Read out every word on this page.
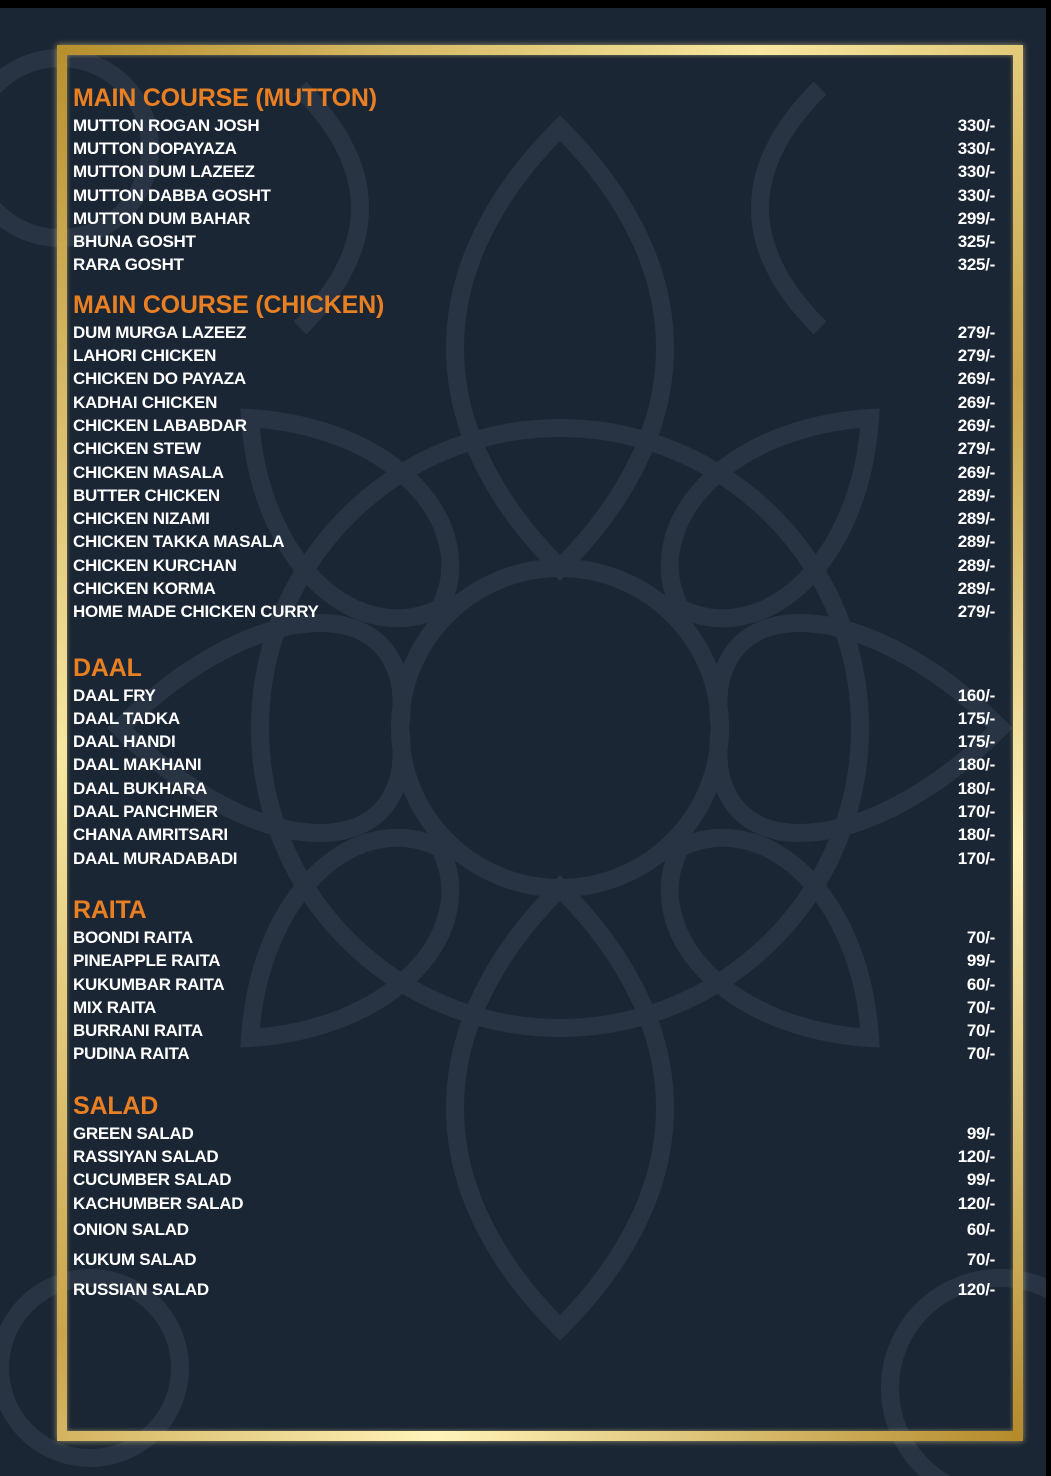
MAIN COURSE (MUTTON)
MUTTON ROGAN JOSH	330/-
MUTTON DOPAYAZA	330/-
MUTTON DUM LAZEEZ	330/-
MUTTON DABBA GOSHT	330/-
MUTTON DUM BAHAR	299/-
BHUNA GOSHT	325/-
RARA GOSHT	325/-
MAIN COURSE (CHICKEN)
DUM MURGA LAZEEZ	279/-
LAHORI CHICKEN	279/-
CHICKEN DO PAYAZA	269/-
KADHAI CHICKEN	269/-
CHICKEN LABABDAR	269/-
CHICKEN STEW	279/-
CHICKEN MASALA	269/-
BUTTER CHICKEN	289/-
CHICKEN NIZAMI	289/-
CHICKEN TAKKA MASALA	289/-
CHICKEN KURCHAN	289/-
CHICKEN KORMA	289/-
HOME MADE CHICKEN CURRY	279/-
DAAL
DAAL FRY	160/-
DAAL TADKA	175/-
DAAL HANDI	175/-
DAAL MAKHANI	180/-
DAAL BUKHARA	180/-
DAAL PANCHMER	170/-
CHANA AMRITSARI	180/-
DAAL MURADABADI	170/-
RAITA
BOONDI RAITA	70/-
PINEAPPLE RAITA	99/-
KUKUMBAR RAITA	60/-
MIX RAITA	70/-
BURRANI RAITA	70/-
PUDINA RAITA	70/-
SALAD
GREEN SALAD	99/-
RASSIYAN SALAD	120/-
CUCUMBER SALAD	99/-
KACHUMBER SALAD	120/-
ONION SALAD	60/-
KUKUM SALAD	70/-
RUSSIAN SALAD	120/-
